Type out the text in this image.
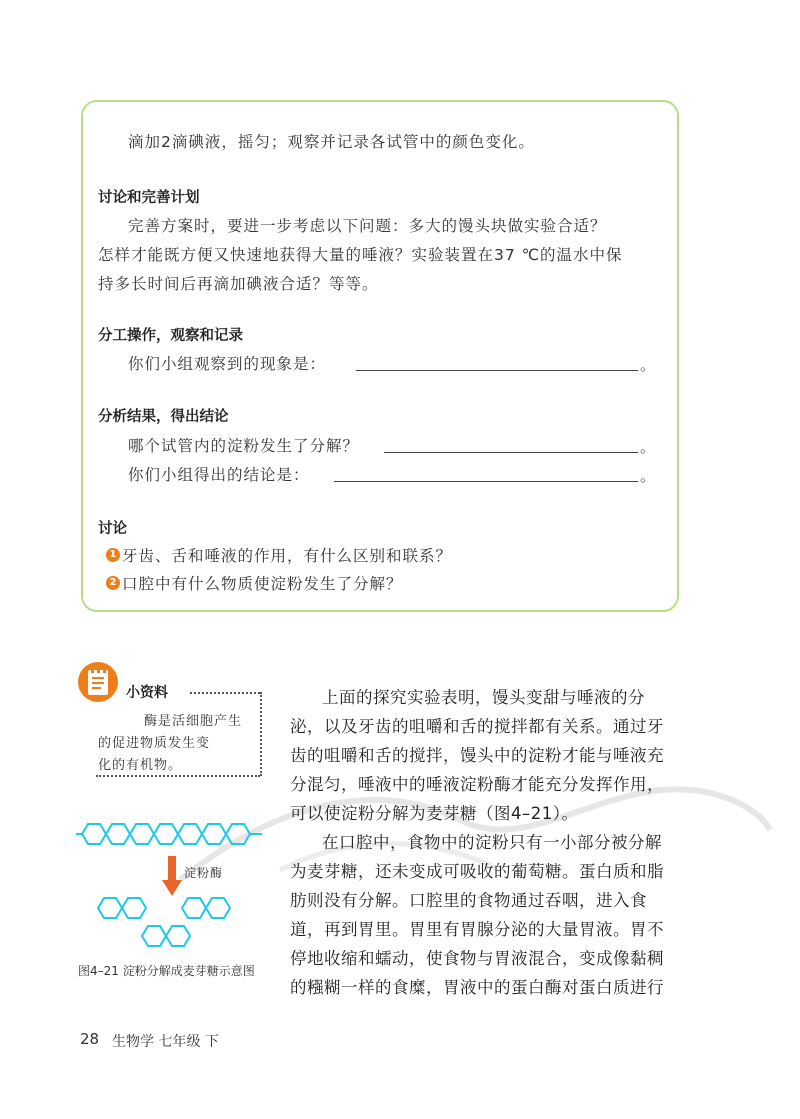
滴加2滴碘液，摇匀；观察并记录各试管中的颜色变化。
讨论和完善计划
完善方案时，要进一步考虑以下问题：多大的馒头块做实验合适？
怎样才能既方便又快速地获得大量的唾液？实验装置在37 ℃的温水中保
持多长时间后再滴加碘液合适？等等。
分工操作，观察和记录
你们小组观察到的现象是：	。
分析结果，得出结论
哪个试管内的淀粉发生了分解？	。
你们小组得出的结论是：	。
讨论
1 牙齿、舌和唾液的作用，有什么区别和联系？
2 口腔中有什么物质使淀粉发生了分解？
小资料
酶是活细胞产生
的促进物质发生变
化的有机物。
淀粉酶
图4–21 淀粉分解成麦芽糖示意图
上面的探究实验表明，馒头变甜与唾液的分
泌，以及牙齿的咀嚼和舌的搅拌都有关系。通过牙
齿的咀嚼和舌的搅拌，馒头中的淀粉才能与唾液充
分混匀，唾液中的唾液淀粉酶才能充分发挥作用，
可以使淀粉分解为麦芽糖（图4–21）。
在口腔中，食物中的淀粉只有一小部分被分解
为麦芽糖，还未变成可吸收的葡萄糖。蛋白质和脂
肪则没有分解。口腔里的食物通过吞咽，进入食
道，再到胃里。胃里有胃腺分泌的大量胃液。胃不
停地收缩和蠕动，使食物与胃液混合，变成像黏稠
的糨糊一样的食糜，胃液中的蛋白酶对蛋白质进行
28 生物学 七年级 下
